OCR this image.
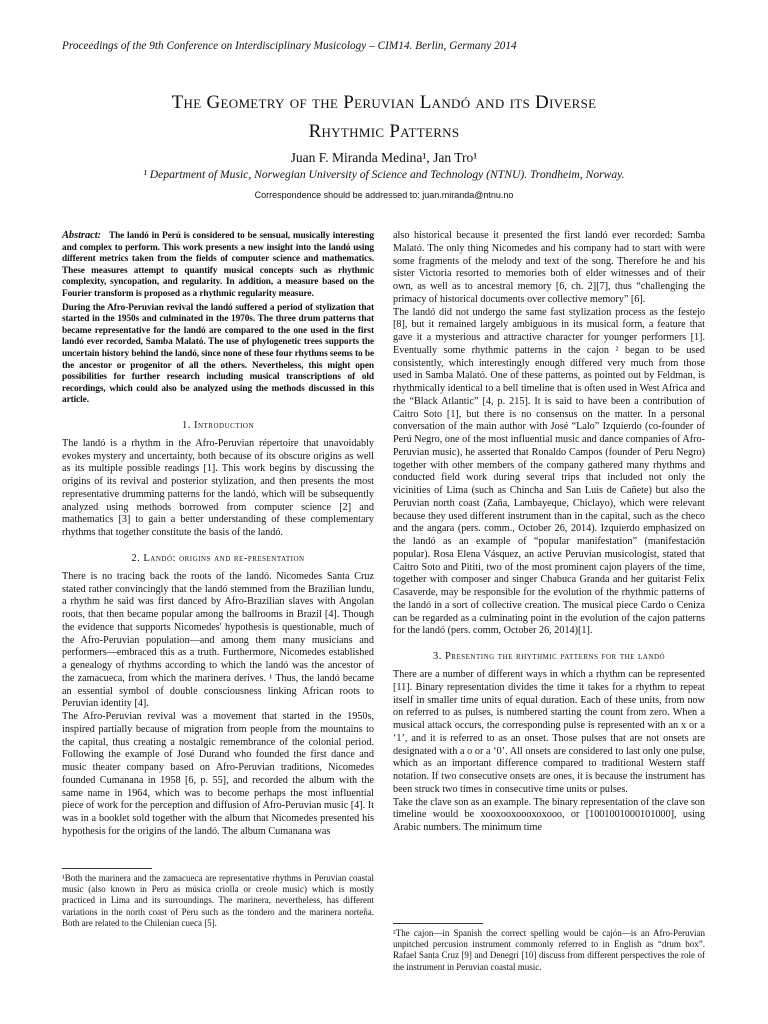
Proceedings of the 9th Conference on Interdisciplinary Musicology – CIM14. Berlin, Germany 2014
The Geometry of the Peruvian Landó and its Diverse
Rhythmic Patterns
Juan F. Miranda Medina¹, Jan Tro¹
¹ Department of Music, Norwegian University of Science and Technology (NTNU). Trondheim, Norway.
Correspondence should be addressed to: juan.miranda@ntnu.no

Abstract: The landó in Perú is considered to be sensual, musically interesting and complex to perform. This work presents a new insight into the landó using different metrics taken from the fields of computer science and mathematics. These measures attempt to quantify musical concepts such as rhythmic complexity, syncopation, and regularity. In addition, a measure based on the Fourier transform is proposed as a rhythmic regularity measure.

During the Afro-Peruvian revival the landó suffered a period of stylization that started in the 1950s and culminated in the 1970s. The three drum patterns that became representative for the landó are compared to the one used in the first landó ever recorded, Samba Malató. The use of phylogenetic trees supports the uncertain history behind the landó, since none of these four rhythms seems to be the ancestor or progenitor of all the others. Nevertheless, this might open possibilities for further research including musical transcriptions of old recordings, which could also be analyzed using the methods discussed in this article.

1. Introduction

The landó is a rhythm in the Afro-Peruvian répertoire that unavoidably evokes mystery and uncertainty, both because of its obscure origins as well as its multiple possible readings [1]. This work begins by discussing the origins of its revival and posterior stylization, and then presents the most representative drumming patterns for the landó, which will be subsequently analyzed using methods borrowed from computer science [2] and mathematics [3] to gain a better understanding of these complementary rhythms that together constitute the basis of the landó.

2. Landó: origins and re-presentation

There is no tracing back the roots of the landó. Nicomedes Santa Cruz stated rather convincingly that the landó stemmed from the Brazilian lundu, a rhythm he said was first danced by Afro-Brazilian slaves with Angolan roots, that then became popular among the ballrooms in Brazil [4]. Though the evidence that supports Nicomedes' hypothesis is questionable, much of the Afro-Peruvian population—and among them many musicians and performers—embraced this as a truth. Furthermore, Nicomedes established a genealogy of rhythms according to which the landó was the ancestor of the zamacueca, from which the marinera derives. ¹ Thus, the landó became an essential symbol of double consciousness linking African roots to Peruvian identity [4].

The Afro-Peruvian revival was a movement that started in the 1950s, inspired partially because of migration from people from the mountains to the capital, thus creating a nostalgic remembrance of the colonial period. Following the example of José Durand who founded the first dance and music theater company based on Afro-Peruvian traditions, Nicomedes founded Cumanana in 1958 [6, p. 55], and recorded the album with the same name in 1964, which was to become perhaps the most influential piece of work for the perception and diffusion of Afro-Peruvian music [4]. It was in a booklet sold together with the album that Nicomedes presented his hypothesis for the origins of the landó. The album Cumanana was

¹Both the marinera and the zamacueca are representative rhythms in Peruvian coastal music (also known in Peru as música criolla or creole music) which is mostly practiced in Lima and its surroundings. The marinera, nevertheless, has different variations in the north coast of Peru such as the tondero and the marinera norteña. Both are related to the Chilenian cueca [5].

also historical because it presented the first landó ever recorded: Samba Malató. The only thing Nicomedes and his company had to start with were some fragments of the melody and text of the song. Therefore he and his sister Victoria resorted to memories both of elder witnesses and of their own, as well as to ancestral memory [6, ch. 2][7], thus “challenging the primacy of historical documents over collective memory” [6].

The landó did not undergo the same fast stylization process as the festejo [8], but it remained largely ambiguous in its musical form, a feature that gave it a mysterious and attractive character for younger performers [1]. Eventually some rhythmic patterns in the cajon ² began to be used consistently, which interestingly enough differed very much from those used in Samba Malató. One of these patterns, as pointed out by Feldman, is rhythmically identical to a bell timeline that is often used in West Africa and the “Black Atlantic” [4, p. 215]. It is said to have been a contribution of Caitro Soto [1], but there is no consensus on the matter. In a personal conversation of the main author with José “Lalo” Izquierdo (co-founder of Perú Negro, one of the most influential music and dance companies of Afro-Peruvian music), he asserted that Ronaldo Campos (founder of Peru Negro) together with other members of the company gathered many rhythms and conducted field work during several trips that included not only the vicinities of Lima (such as Chincha and San Luis de Cañete) but also the Peruvian north coast (Zaña, Lambayeque, Chiclayo), which were relevant because they used different instrument than in the capital, such as the checo and the angara (pers. comm., October 26, 2014). Izquierdo emphasized on the landó as an example of “popular manifestation” (manifestación popular). Rosa Elena Vásquez, an active Peruvian musicologist, stated that Caitro Soto and Pititi, two of the most prominent cajon players of the time, together with composer and singer Chabuca Granda and her guitarist Felix Casaverde, may be responsible for the evolution of the rhythmic patterns of the landó in a sort of collective creation. The musical piece Cardo o Ceniza can be regarded as a culminating point in the evolution of the cajon patterns for the landó (pers. comm, October 26, 2014)[1].

3. Presenting the rhythmic patterns for the landó

There are a number of different ways in which a rhythm can be represented [11]. Binary representation divides the time it takes for a rhythm to repeat itself in smaller time units of equal duration. Each of these units, from now on referred to as pulses, is numbered starting the count from zero. When a musical attack occurs, the corresponding pulse is represented with an x or a ‘1’, and it is referred to as an onset. Those pulses that are not onsets are designated with a o or a ‘0’. All onsets are considered to last only one pulse, which as an important difference compared to traditional Western staff notation. If two consecutive onsets are ones, it is because the instrument has been struck two times in consecutive time units or pulses.

Take the clave son as an example. The binary representation of the clave son timeline would be xooxooxoooxoxooo, or [1001001000101000], using Arabic numbers. The minimum time

²The cajon—in Spanish the correct spelling would be cajón—is an Afro-Peruvian unpitched percusion instrument commonly referred to in English as “drum box”. Rafael Santa Cruz [9] and Denegri [10] discuss from different perspectives the role of the instrument in Peruvian coastal music.
